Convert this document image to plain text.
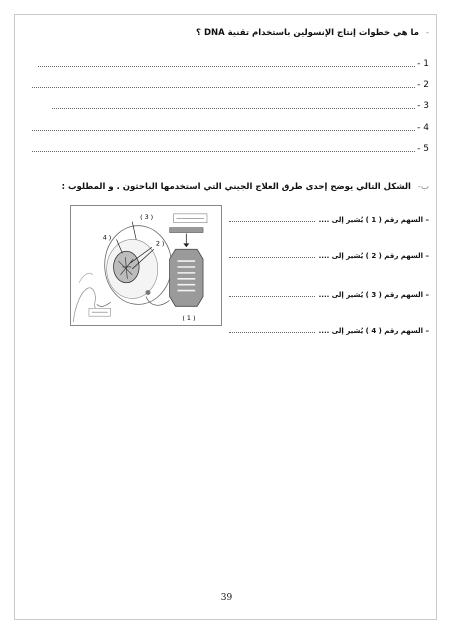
- ما هي خطوات إنتاج الإنسولين باستخدام تقنية DNA ؟
1 -
2 -
3 -
4 -
5 -
ب- الشكل التالي يوضح إحدى طرق العلاج الجيني التي استخدمها الباحثون . و المطلوب :
( 3 )
2 )
4 )
( 1 )
– السهم رقم ( 1 ) يُشير إلى ....
– السهم رقم ( 2 ) يُشير إلى ....
– السهم رقم ( 3 ) يُشير إلى ....
– السهم رقم ( 4 ) يُشير إلى ....
39
